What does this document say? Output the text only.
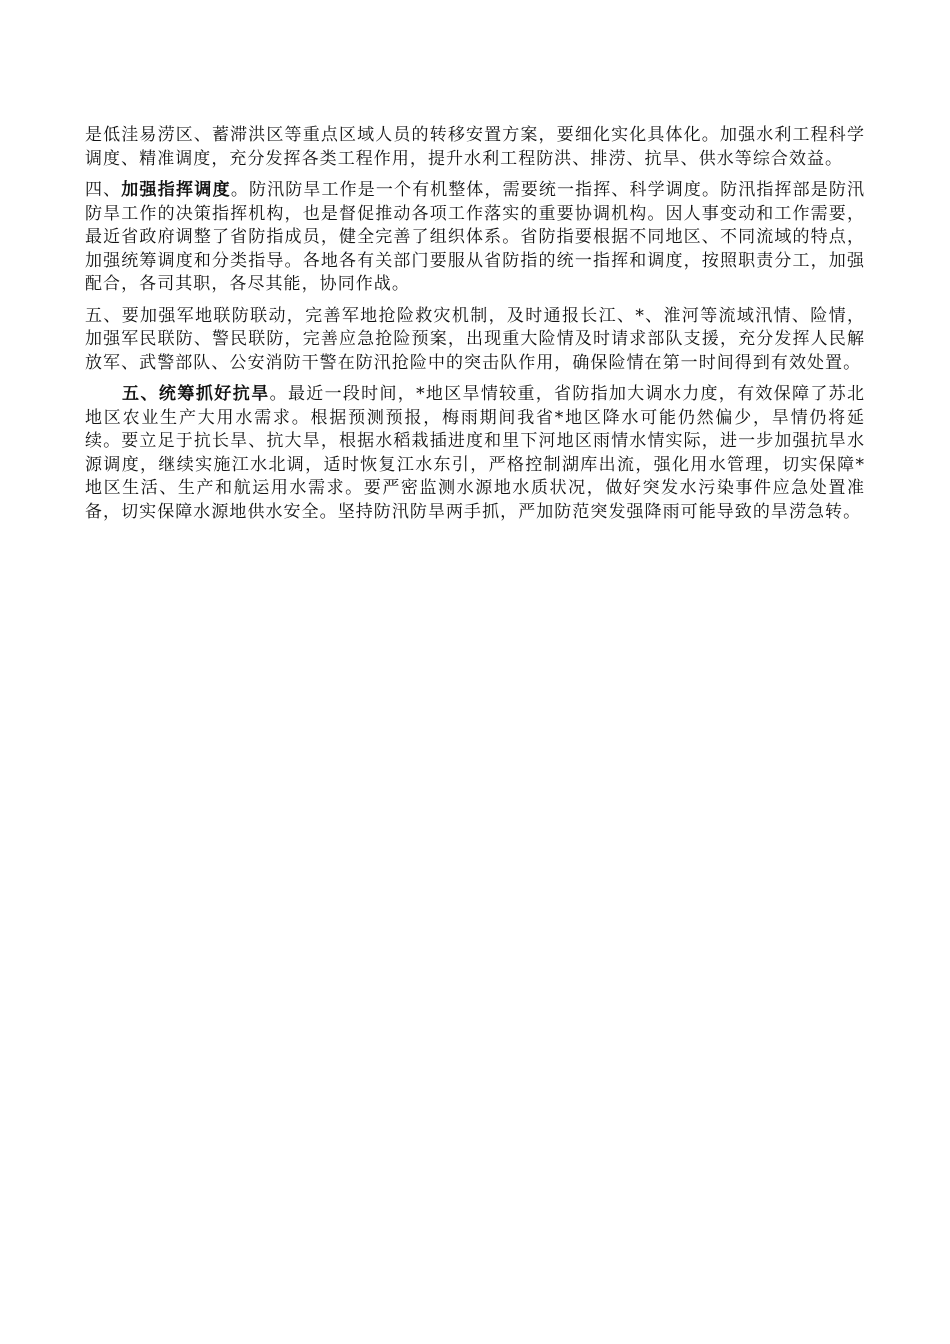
是低洼易涝区、蓄滞洪区等重点区域人员的转移安置方案，要细化实化具体化。加强水利工程科学调度、精准调度，充分发挥各类工程作用，提升水利工程防洪、排涝、抗旱、供水等综合效益。

四、加强指挥调度。防汛防旱工作是一个有机整体，需要统一指挥、科学调度。防汛指挥部是防汛防旱工作的决策指挥机构，也是督促推动各项工作落实的重要协调机构。因人事变动和工作需要，最近省政府调整了省防指成员，健全完善了组织体系。省防指要根据不同地区、不同流域的特点，加强统筹调度和分类指导。各地各有关部门要服从省防指的统一指挥和调度，按照职责分工，加强配合，各司其职，各尽其能，协同作战。

五、要加强军地联防联动，完善军地抢险救灾机制，及时通报长江、*、淮河等流域汛情、险情，加强军民联防、警民联防，完善应急抢险预案，出现重大险情及时请求部队支援，充分发挥人民解放军、武警部队、公安消防干警在防汛抢险中的突击队作用，确保险情在第一时间得到有效处置。

五、统筹抓好抗旱。最近一段时间，*地区旱情较重，省防指加大调水力度，有效保障了苏北地区农业生产大用水需求。根据预测预报，梅雨期间我省*地区降水可能仍然偏少，旱情仍将延续。要立足于抗长旱、抗大旱，根据水稻栽插进度和里下河地区雨情水情实际，进一步加强抗旱水源调度，继续实施江水北调，适时恢复江水东引，严格控制湖库出流，强化用水管理，切实保障*地区生活、生产和航运用水需求。要严密监测水源地水质状况，做好突发水污染事件应急处置准备，切实保障水源地供水安全。坚持防汛防旱两手抓，严加防范突发强降雨可能导致的旱涝急转。
